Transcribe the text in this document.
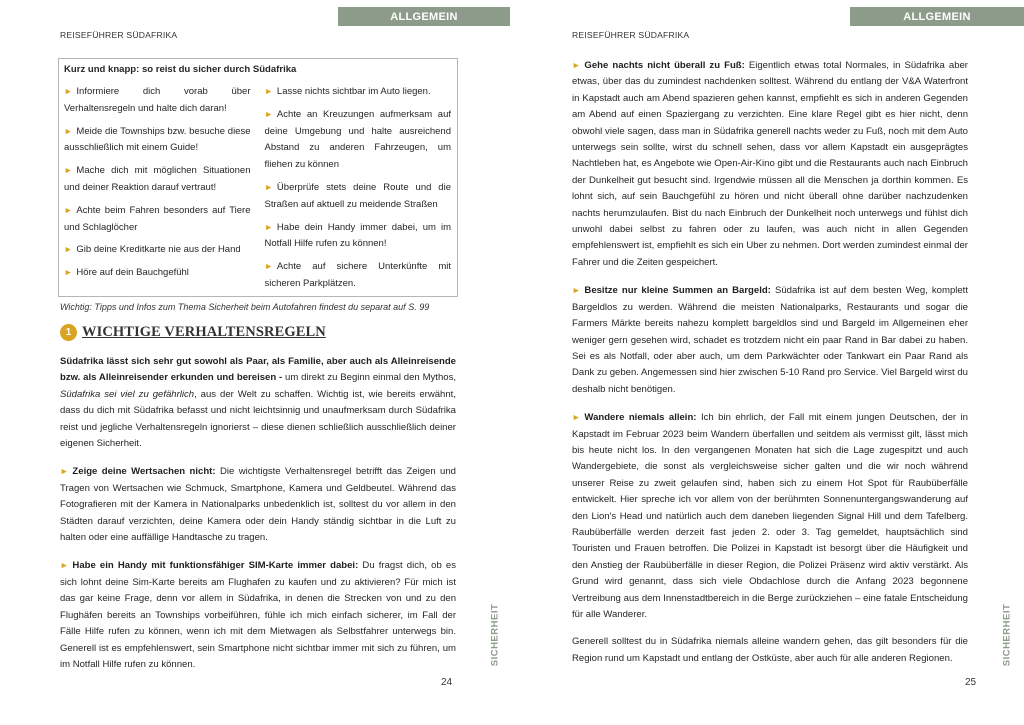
ALLGEMEIN
REISEFÜHRER SÜDAFRIKA
Kurz und knapp: so reist du sicher durch Südafrika
► Informiere dich vorab über Verhaltensregeln und halte dich daran!
► Meide die Townships bzw. besuche diese ausschließlich mit einem Guide!
► Mache dich mit möglichen Situationen und deiner Reaktion darauf vertraut!
► Achte beim Fahren besonders auf Tiere und Schlaglöcher
► Gib deine Kreditkarte nie aus der Hand
► Höre auf dein Bauchgefühl
► Lasse nichts sichtbar im Auto liegen.
► Achte an Kreuzungen aufmerksam auf deine Umgebung und halte ausreichend Abstand zu anderen Fahrzeugen, um fliehen zu können
► Überprüfe stets deine Route und die Straßen auf aktuell zu meidende Straßen
► Habe dein Handy immer dabei, um im Notfall Hilfe rufen zu können!
► Achte auf sichere Unterkünfte mit sicheren Parkplätzen.
Wichtig: Tipps und Infos zum Thema Sicherheit beim Autofahren findest du separat auf S. 99
1 WICHTIGE VERHALTENSREGELN

Südafrika lässt sich sehr gut sowohl als Paar, als Familie, aber auch als Alleinreisende bzw. als Alleinreisender erkunden und bereisen - um direkt zu Beginn einmal den Mythos, Südafrika sei viel zu gefährlich, aus der Welt zu schaffen. Wichtig ist, wie bereits erwähnt, dass du dich mit Südafrika befasst und nicht leichtsinnig und unaufmerksam durch Südafrika reist und jegliche Verhaltensregeln ignorierst – diese dienen schließlich ausschließlich deiner eigenen Sicherheit.

► Zeige deine Wertsachen nicht: Die wichtigste Verhaltensregel betrifft das Zeigen und Tragen von Wertsachen wie Schmuck, Smartphone, Kamera und Geldbeutel. Während das Fotografieren mit der Kamera in Nationalparks unbedenklich ist, solltest du vor allem in den Städten darauf verzichten, deine Kamera oder dein Handy ständig sichtbar in die Luft zu halten oder eine auffällige Handtasche zu tragen.

► Habe ein Handy mit funktionsfähiger SIM-Karte immer dabei: Du fragst dich, ob es sich lohnt deine Sim-Karte bereits am Flughafen zu kaufen und zu aktivieren? Für mich ist das gar keine Frage, denn vor allem in Südafrika, in denen die Strecken von und zu den Flughäfen bereits an Townships vorbeiführen, fühle ich mich einfach sicherer, im Fall der Fälle Hilfe rufen zu können, wenn ich mit dem Mietwagen als Selbstfahrer unterwegs bin. Generell ist es empfehlenswert, sein Smartphone nicht sichtbar immer mit sich zu führen, um im Notfall Hilfe rufen zu können.	SICHERHEIT
24
ALLGEMEIN
REISEFÜHRER SÜDAFRIKA

► Gehe nachts nicht überall zu Fuß: Eigentlich etwas total Normales, in Südafrika aber etwas, über das du zumindest nachdenken solltest. Während du entlang der V&A Waterfront in Kapstadt auch am Abend spazieren gehen kannst, empfiehlt es sich in anderen Gegenden am Abend auf einen Spaziergang zu verzichten. Eine klare Regel gibt es hier nicht, denn obwohl viele sagen, dass man in Südafrika generell nachts weder zu Fuß, noch mit dem Auto unterwegs sein sollte, wirst du schnell sehen, dass vor allem Kapstadt ein ausgeprägtes Nachtleben hat, es Angebote wie Open-Air-Kino gibt und die Restaurants auch nach Einbruch der Dunkelheit gut besucht sind. Irgendwie müssen all die Menschen ja dorthin kommen. Es lohnt sich, auf sein Bauchgefühl zu hören und nicht überall ohne darüber nachzudenken nachts herumzulaufen. Bist du nach Einbruch der Dunkelheit noch unterwegs und fühlst dich unwohl dabei selbst zu fahren oder zu laufen, was auch nicht in allen Gegenden empfehlenswert ist, empfiehlt es sich ein Uber zu nehmen. Dort werden zumindest einmal der Fahrer und die Zeiten gespeichert.

► Besitze nur kleine Summen an Bargeld: Südafrika ist auf dem besten Weg, komplett Bargeldlos zu werden. Während die meisten Nationalparks, Restaurants und sogar die Farmers Märkte bereits nahezu komplett bargeldlos sind und Bargeld im Allgemeinen eher weniger gern gesehen wird, schadet es trotzdem nicht ein paar Rand in Bar dabei zu haben. Sei es als Notfall, oder aber auch, um dem Parkwächter oder Tankwart ein Paar Rand als Dank zu geben. Angemessen sind hier zwischen 5-10 Rand pro Service. Viel Bargeld wirst du deshalb nicht benötigen.

► Wandere niemals allein: Ich bin ehrlich, der Fall mit einem jungen Deutschen, der in Kapstadt im Februar 2023 beim Wandern überfallen und seitdem als vermisst gilt, lässt mich bis heute nicht los. In den vergangenen Monaten hat sich die Lage zugespitzt und auch Wandergebiete, die sonst als vergleichsweise sicher galten und die wir noch während unserer Reise zu zweit gelaufen sind, haben sich zu einem Hot Spot für Raubüberfälle entwickelt. Hier spreche ich vor allem von der berühmten Sonnenuntergangswanderung auf den Lion's Head und natürlich auch dem daneben liegenden Signal Hill und dem Tafelberg. Raubüberfälle werden derzeit fast jeden 2. oder 3. Tag gemeldet, hauptsächlich sind Touristen und Frauen betroffen. Die Polizei in Kapstadt ist besorgt über die Häufigkeit und den Anstieg der Raubüberfälle in dieser Region, die Polizei Präsenz wird aktiv verstärkt. Als Grund wird genannt, dass sich viele Obdachlose durch die Anfang 2023 begonnene Vertreibung aus dem Innenstadtbereich in die Berge zurückziehen – eine fatale Entscheidung für alle Wanderer.

Generell solltest du in Südafrika niemals alleine wandern gehen, das gilt besonders für die Region rund um Kapstadt und entlang der Ostküste, aber auch für alle anderen Regionen.	SICHERHEIT
25
